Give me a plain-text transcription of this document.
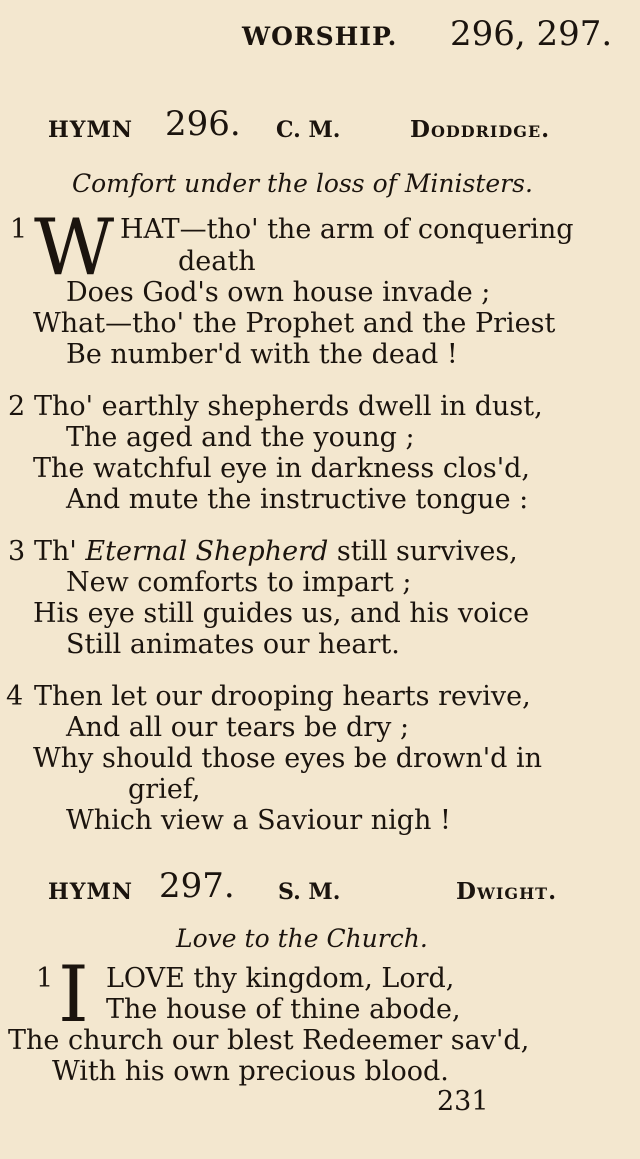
WORSHIP. 296, 297.
HYMN 296. C. M.	Doddridge.
Comfort under the loss of Ministers.
1 W HAT—tho' the arm of conquering
death
Does God's own house invade ;
What—tho' the Prophet and the Priest
Be number'd with the dead !
2 Tho' earthly shepherds dwell in dust,
The aged and the young ;
The watchful eye in darkness clos'd,
And mute the instructive tongue :
3 Th' Eternal Shepherd still survives,
New comforts to impart ;
His eye still guides us, and his voice
Still animates our heart.
4 Then let our drooping hearts revive,
And all our tears be dry ;
Why should those eyes be drown'd in
grief,
Which view a Saviour nigh !
HYMN 297. S. M.	Dwight.
Love to the Church.
1 I LOVE thy kingdom, Lord,
The house of thine abode,
The church our blest Redeemer sav'd,
With his own precious blood.
231
